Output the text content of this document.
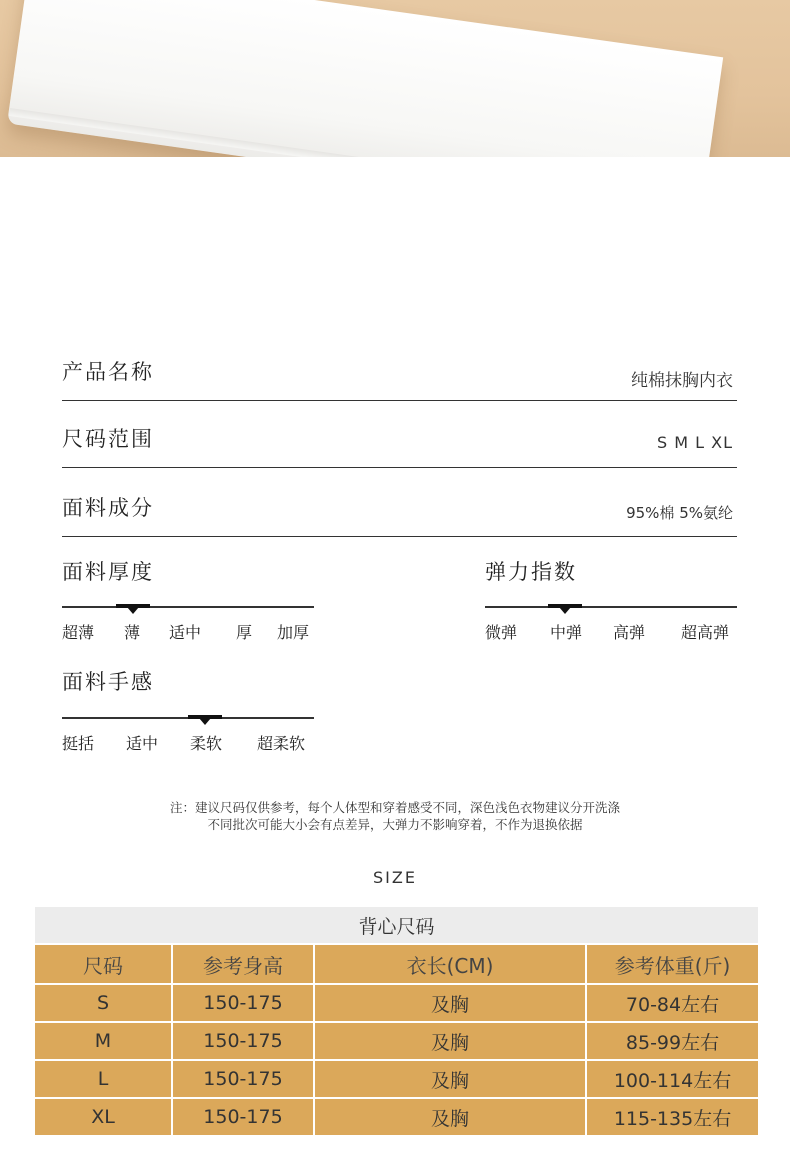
产品名称	纯棉抹胸内衣
尺码范围	S M L XL
面料成分	95%棉 5%氨纶
面料厚度
超薄 薄 适中 厚 加厚
弹力指数
微弹 中弹 高弹 超高弹
面料手感
挺括 适中 柔软 超柔软
注：建议尺码仅供参考，每个人体型和穿着感受不同，深色浅色衣物建议分开洗涤
不同批次可能大小会有点差异，大弹力不影响穿着，不作为退换依据
SIZE
背心尺码			
尺码	参考身高	衣长(CM)	参考体重(斤)
S	150-175	及胸	70-84左右
M	150-175	及胸	85-99左右
L	150-175	及胸	100-114左右
XL	150-175	及胸	115-135左右
